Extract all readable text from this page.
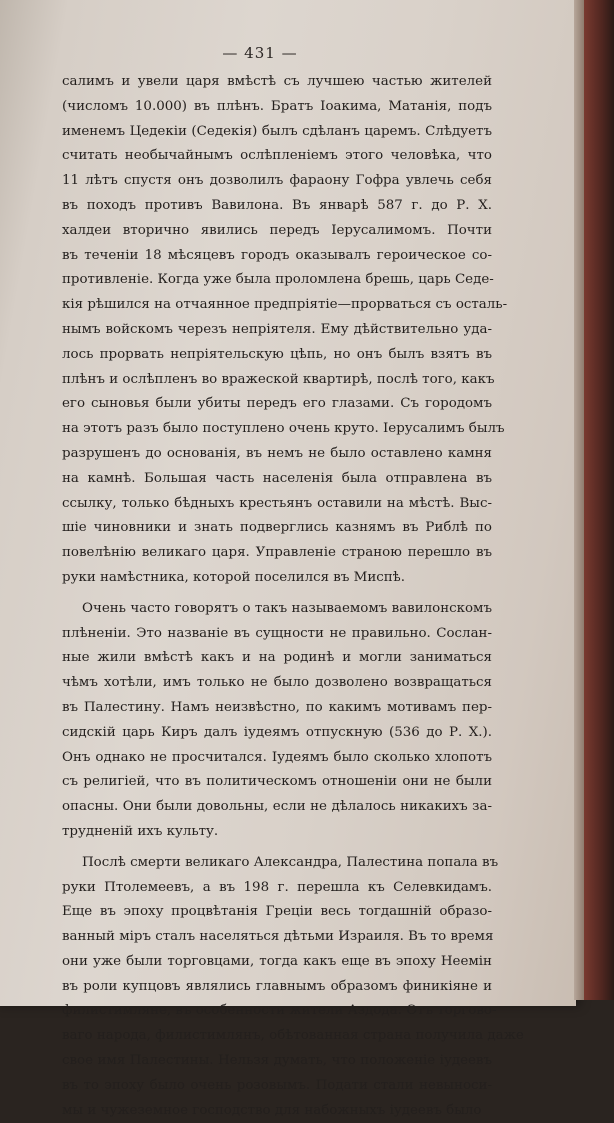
— 431 —
салимъ и увели царя вмѣстѣ съ лучшею частью жителей
(числомъ 10.000) въ плѣнъ. Братъ Іоакима, Матанія, подъ
именемъ Цедекіи (Седекія) былъ сдѣланъ царемъ. Слѣдуетъ
считать необычайнымъ ослѣпленіемъ этого человѣка, что
11 лѣтъ спустя онъ дозволилъ фараону Гофра увлечь себя
въ походъ противъ Вавилона. Въ январѣ 587 г. до Р. Х.
халдеи вторично явились передъ Іерусалимомъ. Почти
въ теченіи 18 мѣсяцевъ городъ оказывалъ героическое со-
противленіе. Когда уже была проломлена брешь, царь Седе-
кія рѣшился на отчаянное предпріятіе—прорваться съ осталь-
нымъ войскомъ черезъ непріятеля. Ему дѣйствительно уда-
лось прорвать непріятельскую цѣпь, но онъ былъ взятъ въ
плѣнъ и ослѣпленъ во вражеской квартирѣ, послѣ того, какъ
его сыновья были убиты передъ его глазами. Съ городомъ
на этотъ разъ было поступлено очень круто. Іерусалимъ былъ
разрушенъ до основанія, въ немъ не было оставлено камня
на камнѣ. Большая часть населенія была отправлена въ
ссылку, только бѣдныхъ крестьянъ оставили на мѣстѣ. Выс-
шіе чиновники и знать подверглись казнямъ въ Риблѣ по
повелѣнію великаго царя. Управленіе страною перешло въ
руки намѣстника, которой поселился въ Миспѣ.
Очень часто говорятъ о такъ называемомъ вавилонскомъ
плѣненіи. Это названіе въ сущности не правильно. Сослан-
ные жили вмѣстѣ какъ и на родинѣ и могли заниматься
чѣмъ хотѣли, имъ только не было дозволено возвращаться
въ Палестину. Намъ неизвѣстно, по какимъ мотивамъ пер-
сидскій царь Киръ далъ іудеямъ отпускную (536 до Р. Х.).
Онъ однако не просчитался. Іудеямъ было сколько хлопотъ
съ религіей, что въ политическомъ отношеніи они не были
опасны. Они были довольны, если не дѣлалось никакихъ за-
трудненій ихъ культу.
Послѣ смерти великаго Александра, Палестина попала въ
руки Птолемеевъ, а въ 198 г. перешла къ Селевкидамъ.
Еще въ эпоху процвѣтанія Греціи весь тогдашній образо-
ванный міръ сталъ населяться дѣтьми Израиля. Въ то время
они уже были торговцами, тогда какъ еще въ эпоху Неемін
въ роли купцовъ являлись главнымъ образомъ финикіяне и
филистимляне, въ особенности жители Аздода. Отъ торгово-
ваго народа, филистимлянъ, обѣтованная страна получила даже
свое имя Палестины. Нельзя думать, что положеніе іудеевъ
въ то эпоху было очень розовымъ. Подати стали невыноси-
мы и чужеземное господство для набожныхъ іудеевъ было
